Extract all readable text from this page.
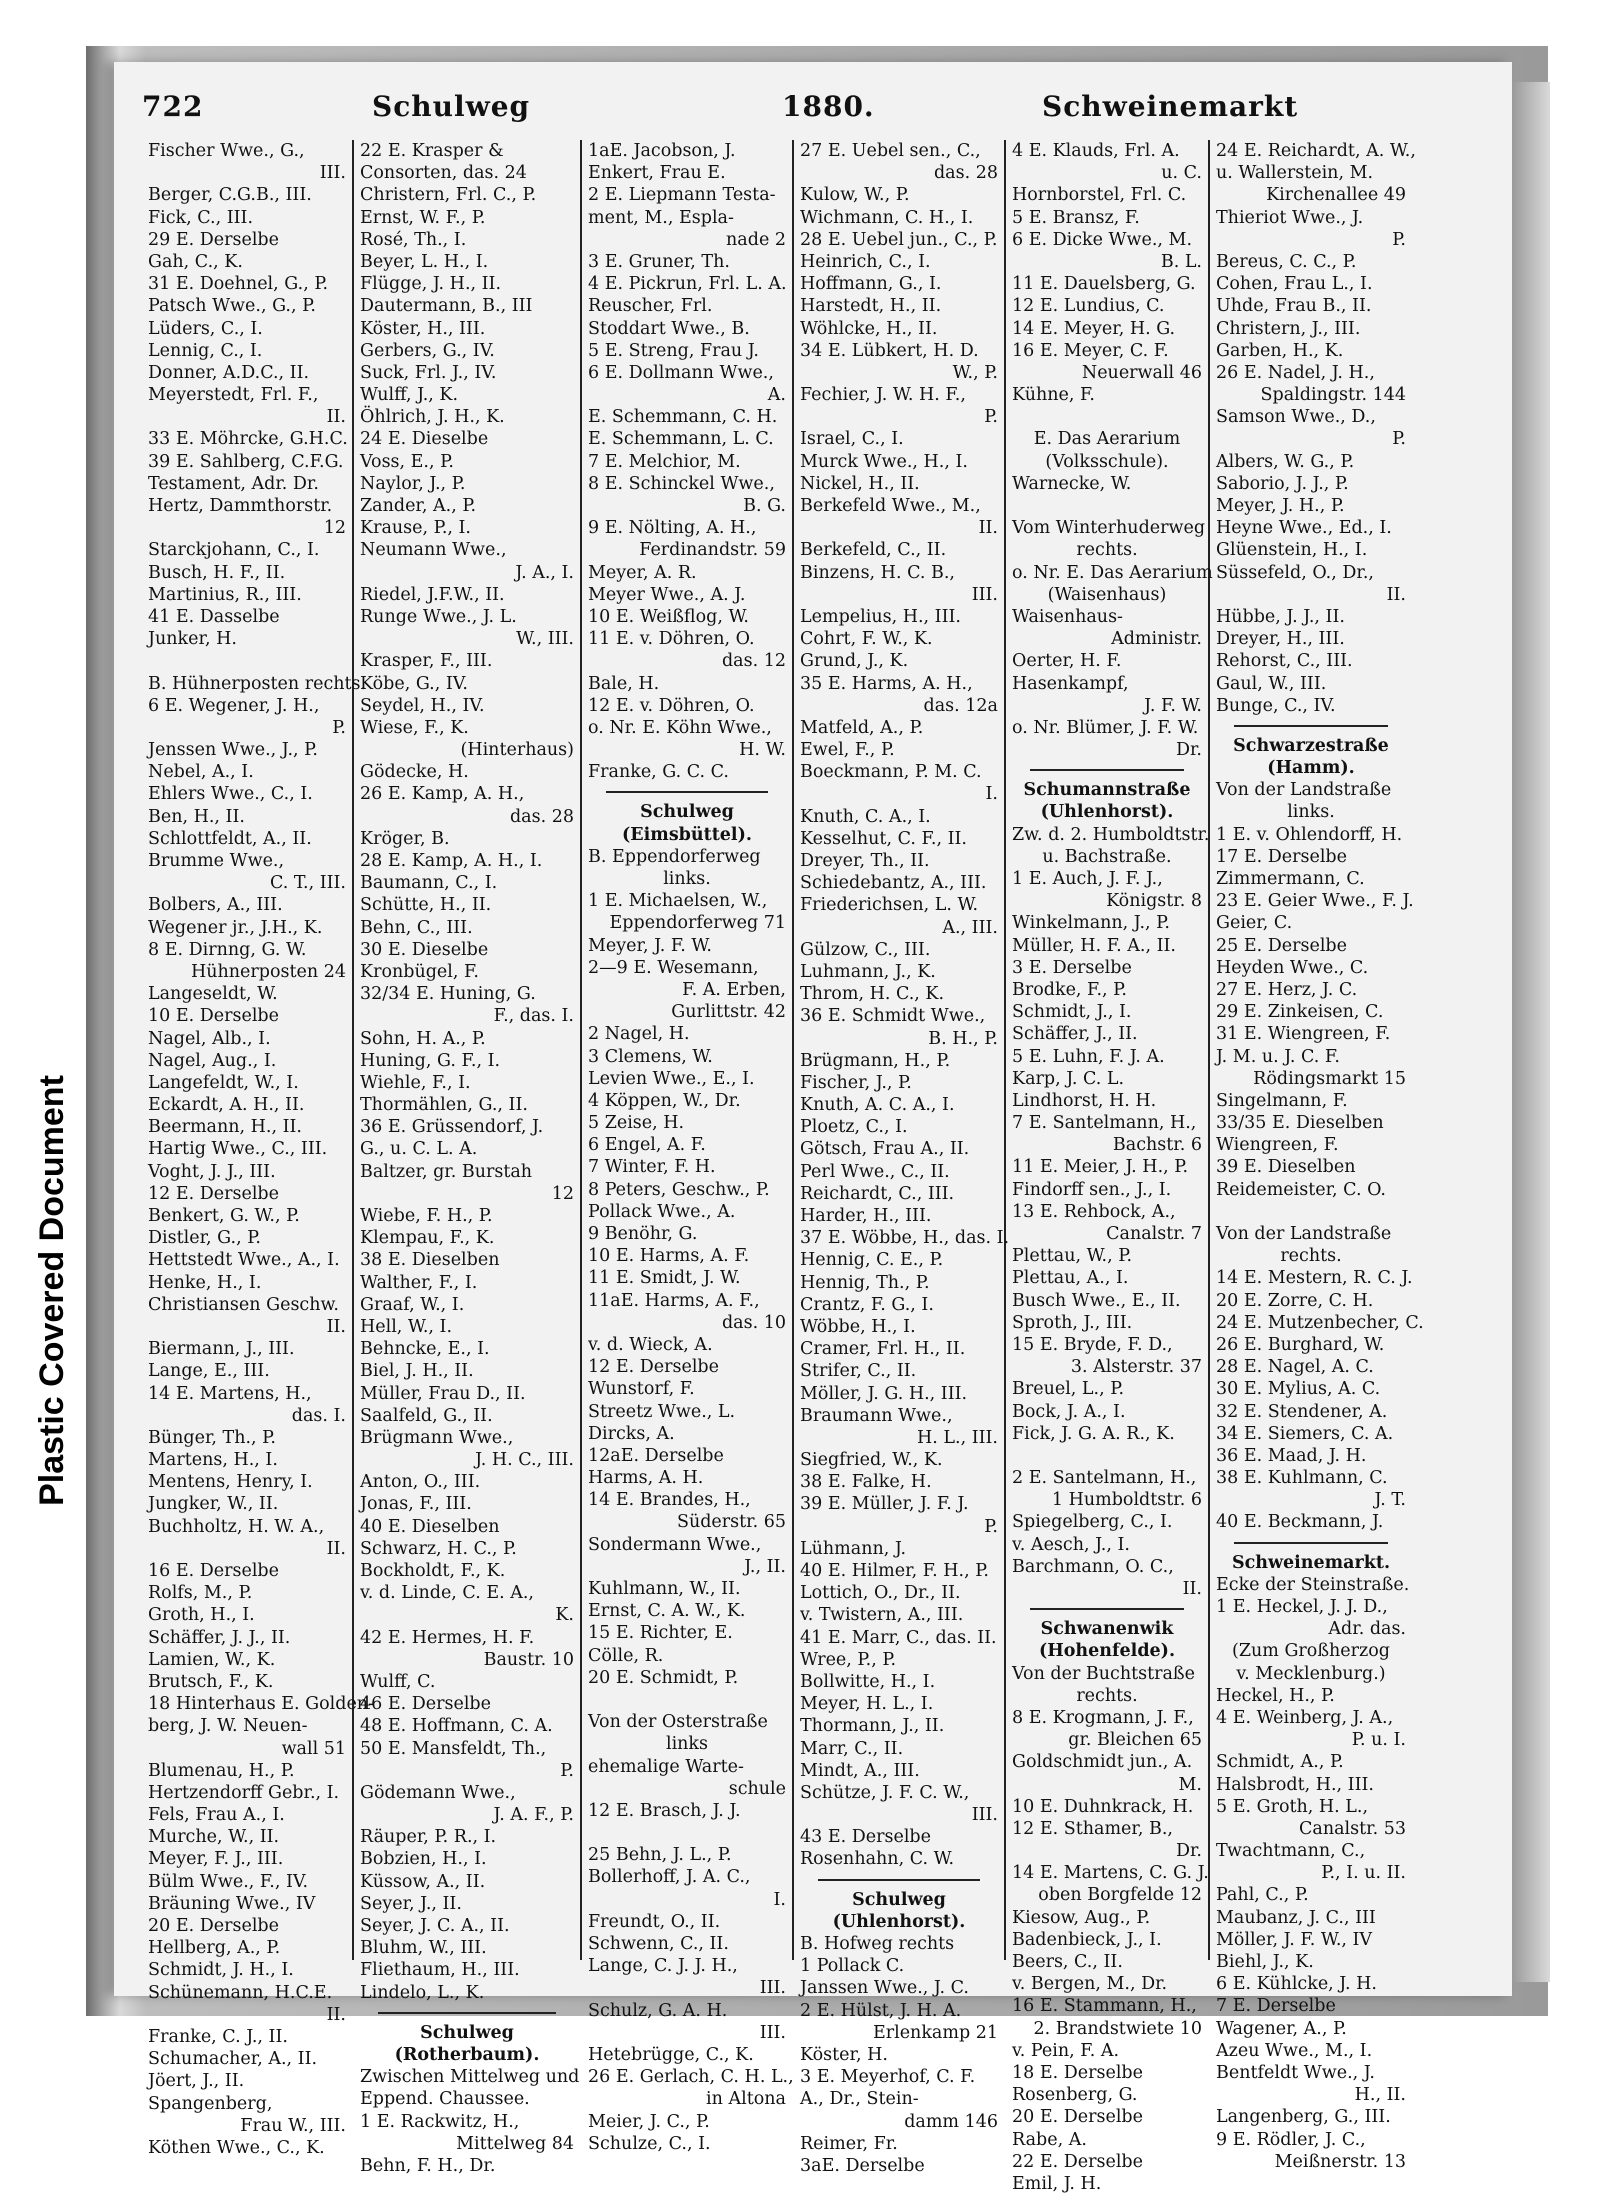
Plastic Covered Document
722	Schulweg	1880.	Schweinemarkt
Fischer Wwe., G.,
III.
Berger, C.G.B., III.
Fick, C., III.
29 E. Derselbe
Gah, C., K.
31 E. Doehnel, G., P.
Patsch Wwe., G., P.
Lüders, C., I.
Lennig, C., I.
Donner, A.D.C., II.
Meyerstedt, Frl. F.,
II.
33 E. Möhrcke, G.H.C.
39 E. Sahlberg, C.F.G.
Testament, Adr. Dr.
Hertz, Dammthorstr.
12
Starckjohann, C., I.
Busch, H. F., II.
Martinius, R., III.
41 E. Dasselbe
Junker, H.
B. Hühnerposten rechts.
6 E. Wegener, J. H.,
P.
Jenssen Wwe., J., P.
Nebel, A., I.
Ehlers Wwe., C., I.
Ben, H., II.
Schlottfeldt, A., II.
Brumme Wwe.,
C. T., III.
Bolbers, A., III.
Wegener jr., J.H., K.
8 E. Dirnng, G. W.
Hühnerposten 24
Langeseldt, W.
10 E. Derselbe
Nagel, Alb., I.
Nagel, Aug., I.
Langefeldt, W., I.
Eckardt, A. H., II.
Beermann, H., II.
Hartig Wwe., C., III.
Voght, J. J., III.
12 E. Derselbe
Benkert, G. W., P.
Distler, G., P.
Hettstedt Wwe., A., I.
Henke, H., I.
Christiansen Geschw.
II.
Biermann, J., III.
Lange, E., III.
14 E. Martens, H.,
das. I.
Bünger, Th., P.
Martens, H., I.
Mentens, Henry, I.
Jungker, W., II.
Buchholtz, H. W. A.,
II.
16 E. Derselbe
Rolfs, M., P.
Groth, H., I.
Schäffer, J. J., II.
Lamien, W., K.
Brutsch, F., K.
18 Hinterhaus E. Golden-
berg, J. W. Neuen-
wall 51
Blumenau, H., P.
Hertzendorff Gebr., I.
Fels, Frau A., I.
Murche, W., II.
Meyer, F. J., III.
Bülm Wwe., F., IV.
Bräuning Wwe., IV
20 E. Derselbe
Hellberg, A., P.
Schmidt, J. H., I.
Schünemann, H.C.E.
II.
Franke, C. J., II.
Schumacher, A., II.
Jöert, J., II.
Spangenberg,
Frau W., III.
Köthen Wwe., C., K.
22 E. Krasper &
Consorten, das. 24
Christern, Frl. C., P.
Ernst, W. F., P.
Rosé, Th., I.
Beyer, L. H., I.
Flügge, J. H., II.
Dautermann, B., III
Köster, H., III.
Gerbers, G., IV.
Suck, Frl. J., IV.
Wulff, J., K.
Öhlrich, J. H., K.
24 E. Dieselbe
Voss, E., P.
Naylor, J., P.
Zander, A., P.
Krause, P., I.
Neumann Wwe.,
J. A., I.
Riedel, J.F.W., II.
Runge Wwe., J. L.
W., III.
Krasper, F., III.
Köbe, G., IV.
Seydel, H., IV.
Wiese, F., K.
(Hinterhaus)
Gödecke, H.
26 E. Kamp, A. H.,
das. 28
Kröger, B.
28 E. Kamp, A. H., I.
Baumann, C., I.
Schütte, H., II.
Behn, C., III.
30 E. Dieselbe
Kronbügel, F.
32/34 E. Huning, G.
F., das. I.
Sohn, H. A., P.
Huning, G. F., I.
Wiehle, F., I.
Thormählen, G., II.
36 E. Grüssendorf, J.
G., u. C. L. A.
Baltzer, gr. Burstah
12
Wiebe, F. H., P.
Klempau, F., K.
38 E. Dieselben
Walther, F., I.
Graaf, W., I.
Hell, W., I.
Behncke, E., I.
Biel, J. H., II.
Müller, Frau D., II.
Saalfeld, G., II.
Brügmann Wwe.,
J. H. C., III.
Anton, O., III.
Jonas, F., III.
40 E. Dieselben
Schwarz, H. C., P.
Bockholdt, F., K.
v. d. Linde, C. E. A.,
K.
42 E. Hermes, H. F.
Baustr. 10
Wulff, C.
46 E. Derselbe
48 E. Hoffmann, C. A.
50 E. Mansfeldt, Th.,
P.
Gödemann Wwe.,
J. A. F., P.
Räuper, P. R., I.
Bobzien, H., I.
Küssow, A., II.
Seyer, J., II.
Seyer, J. C. A., II.
Bluhm, W., III.
Fliethaum, H., III.
Lindelo, L., K.
Schulweg
(Rotherbaum).
Zwischen Mittelweg und
Eppend. Chaussee.
1 E. Rackwitz, H.,
Mittelweg 84
Behn, F. H., Dr.
1aE. Jacobson, J.
Enkert, Frau E.
2 E. Liepmann Testa-
ment, M., Espla-
nade 2
3 E. Gruner, Th.
4 E. Pickrun, Frl. L. A.
Reuscher, Frl.
Stoddart Wwe., B.
5 E. Streng, Frau J.
6 E. Dollmann Wwe.,
A.
E. Schemmann, C. H.
E. Schemmann, L. C.
7 E. Melchior, M.
8 E. Schinckel Wwe.,
B. G.
9 E. Nölting, A. H.,
Ferdinandstr. 59
Meyer, A. R.
Meyer Wwe., A. J.
10 E. Weißflog, W.
11 E. v. Döhren, O.
das. 12
Bale, H.
12 E. v. Döhren, O.
o. Nr. E. Köhn Wwe.,
H. W.
Franke, G. C. C.
Schulweg
(Eimsbüttel).
B. Eppendorferweg
links.
1 E. Michaelsen, W.,
Eppendorferweg 71
Meyer, J. F. W.
2—9 E. Wesemann,
F. A. Erben,
Gurlittstr. 42
2 Nagel, H.
3 Clemens, W.
Levien Wwe., E., I.
4 Köppen, W., Dr.
5 Zeise, H.
6 Engel, A. F.
7 Winter, F. H.
8 Peters, Geschw., P.
Pollack Wwe., A.
9 Benöhr, G.
10 E. Harms, A. F.
11 E. Smidt, J. W.
11aE. Harms, A. F.,
das. 10
v. d. Wieck, A.
12 E. Derselbe
Wunstorf, F.
Streetz Wwe., L.
Dircks, A.
12aE. Derselbe
Harms, A. H.
14 E. Brandes, H.,
Süderstr. 65
Sondermann Wwe.,
J., II.
Kuhlmann, W., II.
Ernst, C. A. W., K.
15 E. Richter, E.
Cölle, R.
20 E. Schmidt, P.
Von der Osterstraße
links
ehemalige Warte-
schule
12 E. Brasch, J. J.
25 Behn, J. L., P.
Bollerhoff, J. A. C.,
I.
Freundt, O., II.
Schwenn, C., II.
Lange, C. J. J. H.,
III.
Schulz, G. A. H.
III.
Hetebrügge, C., K.
26 E. Gerlach, C. H. L.,
in Altona
Meier, J. C., P.
Schulze, C., I.
27 E. Uebel sen., C.,
das. 28
Kulow, W., P.
Wichmann, C. H., I.
28 E. Uebel jun., C., P.
Heinrich, C., I.
Hoffmann, G., I.
Harstedt, H., II.
Wöhlcke, H., II.
34 E. Lübkert, H. D.
W., P.
Fechier, J. W. H. F.,
P.
Israel, C., I.
Murck Wwe., H., I.
Nickel, H., II.
Berkefeld Wwe., M.,
II.
Berkefeld, C., II.
Binzens, H. C. B.,
III.
Lempelius, H., III.
Cohrt, F. W., K.
Grund, J., K.
35 E. Harms, A. H.,
das. 12a
Matfeld, A., P.
Ewel, F., P.
Boeckmann, P. M. C.
I.
Knuth, C. A., I.
Kesselhut, C. F., II.
Dreyer, Th., II.
Schiedebantz, A., III.
Friederichsen, L. W.
A., III.
Gülzow, C., III.
Luhmann, J., K.
Throm, H. C., K.
36 E. Schmidt Wwe.,
B. H., P.
Brügmann, H., P.
Fischer, J., P.
Knuth, A. C. A., I.
Ploetz, C., I.
Götsch, Frau A., II.
Perl Wwe., C., II.
Reichardt, C., III.
Harder, H., III.
37 E. Wöbbe, H., das. I.
Hennig, C. E., P.
Hennig, Th., P.
Crantz, F. G., I.
Wöbbe, H., I.
Cramer, Frl. H., II.
Strifer, C., II.
Möller, J. G. H., III.
Braumann Wwe.,
H. L., III.
Siegfried, W., K.
38 E. Falke, H.
39 E. Müller, J. F. J.
P.
Lühmann, J.
40 E. Hilmer, F. H., P.
Lottich, O., Dr., II.
v. Twistern, A., III.
41 E. Marr, C., das. II.
Wree, P., P.
Bollwitte, H., I.
Meyer, H. L., I.
Thormann, J., II.
Marr, C., II.
Mindt, A., III.
Schütze, J. F. C. W.,
III.
43 E. Derselbe
Rosenhahn, C. W.
Schulweg
(Uhlenhorst).
B. Hofweg rechts
1 Pollack C.
Janssen Wwe., J. C.
2 E. Hülst, J. H. A.
Erlenkamp 21
Köster, H.
3 E. Meyerhof, C. F.
A., Dr., Stein-
damm 146
Reimer, Fr.
3aE. Derselbe
4 E. Klauds, Frl. A.
u. C.
Hornborstel, Frl. C.
5 E. Bransz, F.
6 E. Dicke Wwe., M.
B. L.
11 E. Dauelsberg, G.
12 E. Lundius, C.
14 E. Meyer, H. G.
16 E. Meyer, C. F.
Neuerwall 46
Kühne, F.
E. Das Aerarium
(Volksschule).
Warnecke, W.
Vom Winterhuderweg
rechts.
o. Nr. E. Das Aerarium
(Waisenhaus)
Waisenhaus-
Administr.
Oerter, H. F.
Hasenkampf,
J. F. W.
o. Nr. Blümer, J. F. W.
Dr.
Schumannstraße
(Uhlenhorst).
Zw. d. 2. Humboldtstr.
u. Bachstraße.
1 E. Auch, J. F. J.,
Königstr. 8
Winkelmann, J., P.
Müller, H. F. A., II.
3 E. Derselbe
Brodke, F., P.
Schmidt, J., I.
Schäffer, J., II.
5 E. Luhn, F. J. A.
Karp, J. C. L.
Lindhorst, H. H.
7 E. Santelmann, H.,
Bachstr. 6
11 E. Meier, J. H., P.
Findorff sen., J., I.
13 E. Rehbock, A.,
Canalstr. 7
Plettau, W., P.
Plettau, A., I.
Busch Wwe., E., II.
Sproth, J., III.
15 E. Bryde, F. D.,
3. Alsterstr. 37
Breuel, L., P.
Bock, J. A., I.
Fick, J. G. A. R., K.
2 E. Santelmann, H.,
1 Humboldtstr. 6
Spiegelberg, C., I.
v. Aesch, J., I.
Barchmann, O. C.,
II.
Schwanenwik
(Hohenfelde).
Von der Buchtstraße
rechts.
8 E. Krogmann, J. F.,
gr. Bleichen 65
Goldschmidt jun., A.
M.
10 E. Duhnkrack, H.
12 E. Sthamer, B.,
Dr.
14 E. Martens, C. G. J.
oben Borgfelde 12
Kiesow, Aug., P.
Badenbieck, J., I.
Beers, C., II.
v. Bergen, M., Dr.
16 E. Stammann, H.,
2. Brandstwiete 10
v. Pein, F. A.
18 E. Derselbe
Rosenberg, G.
20 E. Derselbe
Rabe, A.
22 E. Derselbe
Emil, J. H.
24 E. Reichardt, A. W.,
u. Wallerstein, M.
Kirchenallee 49
Thieriot Wwe., J.
P.
Bereus, C. C., P.
Cohen, Frau L., I.
Uhde, Frau B., II.
Christern, J., III.
Garben, H., K.
26 E. Nadel, J. H.,
Spaldingstr. 144
Samson Wwe., D.,
P.
Albers, W. G., P.
Saborio, J. J., P.
Meyer, J. H., P.
Heyne Wwe., Ed., I.
Glüenstein, H., I.
Süssefeld, O., Dr.,
II.
Hübbe, J. J., II.
Dreyer, H., III.
Rehorst, C., III.
Gaul, W., III.
Bunge, C., IV.
Schwarzestraße
(Hamm).
Von der Landstraße
links.
1 E. v. Ohlendorff, H.
17 E. Derselbe
Zimmermann, C.
23 E. Geier Wwe., F. J.
Geier, C.
25 E. Derselbe
Heyden Wwe., C.
27 E. Herz, J. C.
29 E. Zinkeisen, C.
31 E. Wiengreen, F.
J. M. u. J. C. F.
Rödingsmarkt 15
Singelmann, F.
33/35 E. Dieselben
Wiengreen, F.
39 E. Dieselben
Reidemeister, C. O.
Von der Landstraße
rechts.
14 E. Mestern, R. C. J.
20 E. Zorre, C. H.
24 E. Mutzenbecher, C.
26 E. Burghard, W.
28 E. Nagel, A. C.
30 E. Mylius, A. C.
32 E. Stendener, A.
34 E. Siemers, C. A.
36 E. Maad, J. H.
38 E. Kuhlmann, C.
J. T.
40 E. Beckmann, J.
Schweinemarkt.
Ecke der Steinstraße.
1 E. Heckel, J. J. D.,
Adr. das.
(Zum Großherzog
v. Mecklenburg.)
Heckel, H., P.
4 E. Weinberg, J. A.,
P. u. I.
Schmidt, A., P.
Halsbrodt, H., III.
5 E. Groth, H. L.,
Canalstr. 53
Twachtmann, C.,
P., I. u. II.
Pahl, C., P.
Maubanz, J. C., III
Möller, J. F. W., IV
Biehl, J., K.
6 E. Kühlcke, J. H.
7 E. Derselbe
Wagener, A., P.
Azeu Wwe., M., I.
Bentfeldt Wwe., J.
H., II.
Langenberg, G., III.
9 E. Rödler, J. C.,
Meißnerstr. 13
